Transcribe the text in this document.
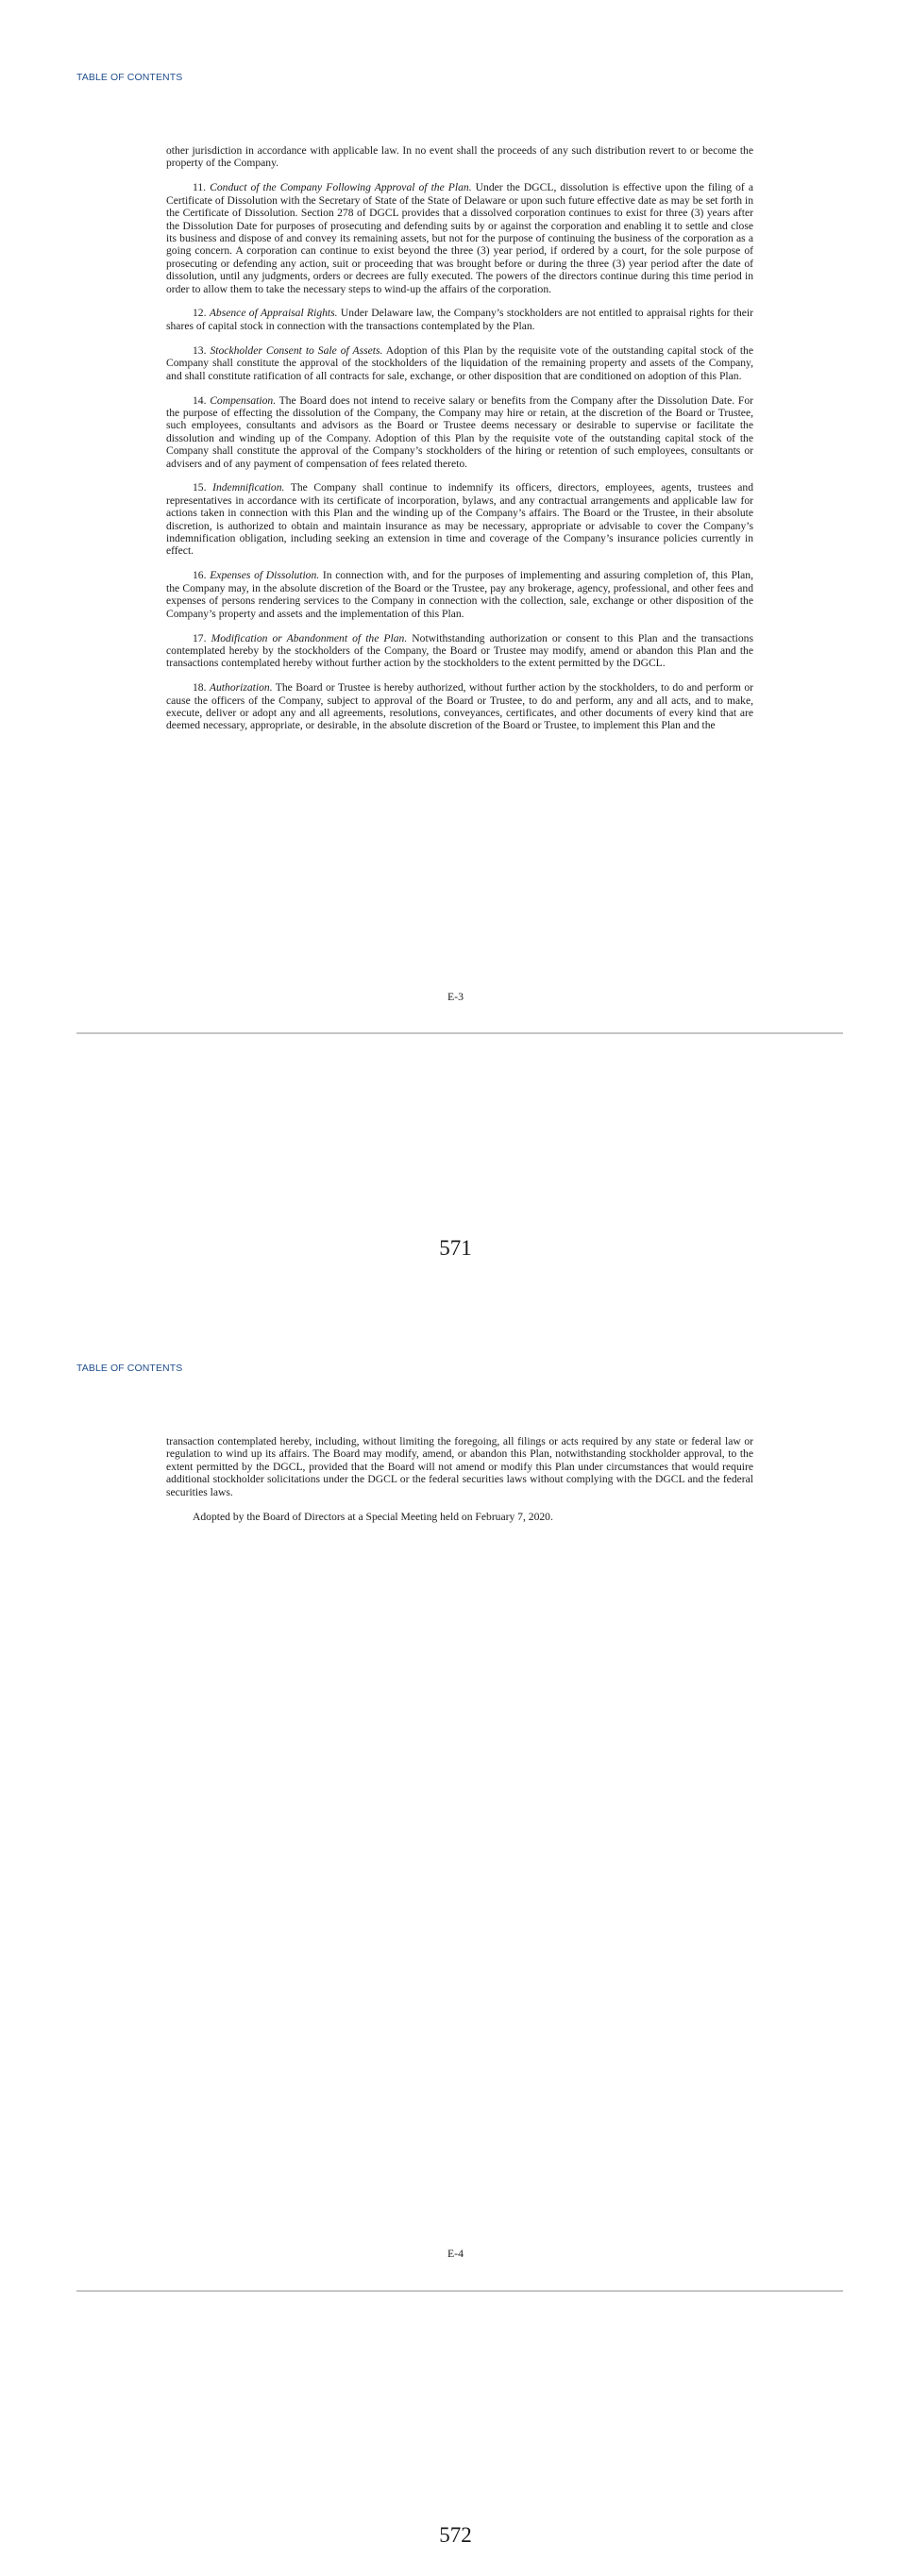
TABLE OF CONTENTS

other jurisdiction in accordance with applicable law. In no event shall the proceeds of any such distribution revert to or become the property of the Company.

11. Conduct of the Company Following Approval of the Plan. Under the DGCL, dissolution is effective upon the filing of a Certificate of Dissolution with the Secretary of State of the State of Delaware or upon such future effective date as may be set forth in the Certificate of Dissolution. Section 278 of DGCL provides that a dissolved corporation continues to exist for three (3) years after the Dissolution Date for purposes of prosecuting and defending suits by or against the corporation and enabling it to settle and close its business and dispose of and convey its remaining assets, but not for the purpose of continuing the business of the corporation as a going concern. A corporation can continue to exist beyond the three (3) year period, if ordered by a court, for the sole purpose of prosecuting or defending any action, suit or proceeding that was brought before or during the three (3) year period after the date of dissolution, until any judgments, orders or decrees are fully executed. The powers of the directors continue during this time period in order to allow them to take the necessary steps to wind-up the affairs of the corporation.

12. Absence of Appraisal Rights. Under Delaware law, the Company’s stockholders are not entitled to appraisal rights for their shares of capital stock in connection with the transactions contemplated by the Plan.

13. Stockholder Consent to Sale of Assets. Adoption of this Plan by the requisite vote of the outstanding capital stock of the Company shall constitute the approval of the stockholders of the liquidation of the remaining property and assets of the Company, and shall constitute ratification of all contracts for sale, exchange, or other disposition that are conditioned on adoption of this Plan.

14. Compensation. The Board does not intend to receive salary or benefits from the Company after the Dissolution Date. For the purpose of effecting the dissolution of the Company, the Company may hire or retain, at the discretion of the Board or Trustee, such employees, consultants and advisors as the Board or Trustee deems necessary or desirable to supervise or facilitate the dissolution and winding up of the Company. Adoption of this Plan by the requisite vote of the outstanding capital stock of the Company shall constitute the approval of the Company’s stockholders of the hiring or retention of such employees, consultants or advisers and of any payment of compensation of fees related thereto.

15. Indemnification. The Company shall continue to indemnify its officers, directors, employees, agents, trustees and representatives in accordance with its certificate of incorporation, bylaws, and any contractual arrangements and applicable law for actions taken in connection with this Plan and the winding up of the Company’s affairs. The Board or the Trustee, in their absolute discretion, is authorized to obtain and maintain insurance as may be necessary, appropriate or advisable to cover the Company’s indemnification obligation, including seeking an extension in time and coverage of the Company’s insurance policies currently in effect.

16. Expenses of Dissolution. In connection with, and for the purposes of implementing and assuring completion of, this Plan, the Company may, in the absolute discretion of the Board or the Trustee, pay any brokerage, agency, professional, and other fees and expenses of persons rendering services to the Company in connection with the collection, sale, exchange or other disposition of the Company’s property and assets and the implementation of this Plan.

17. Modification or Abandonment of the Plan. Notwithstanding authorization or consent to this Plan and the transactions contemplated hereby by the stockholders of the Company, the Board or Trustee may modify, amend or abandon this Plan and the transactions contemplated hereby without further action by the stockholders to the extent permitted by the DGCL.

18. Authorization. The Board or Trustee is hereby authorized, without further action by the stockholders, to do and perform or cause the officers of the Company, subject to approval of the Board or Trustee, to do and perform, any and all acts, and to make, execute, deliver or adopt any and all agreements, resolutions, conveyances, certificates, and other documents of every kind that are deemed necessary, appropriate, or desirable, in the absolute discretion of the Board or Trustee, to implement this Plan and the

E-3
571
TABLE OF CONTENTS

transaction contemplated hereby, including, without limiting the foregoing, all filings or acts required by any state or federal law or regulation to wind up its affairs. The Board may modify, amend, or abandon this Plan, notwithstanding stockholder approval, to the extent permitted by the DGCL, provided that the Board will not amend or modify this Plan under circumstances that would require additional stockholder solicitations under the DGCL or the federal securities laws without complying with the DGCL and the federal securities laws.

Adopted by the Board of Directors at a Special Meeting held on February 7, 2020.

E-4
572
